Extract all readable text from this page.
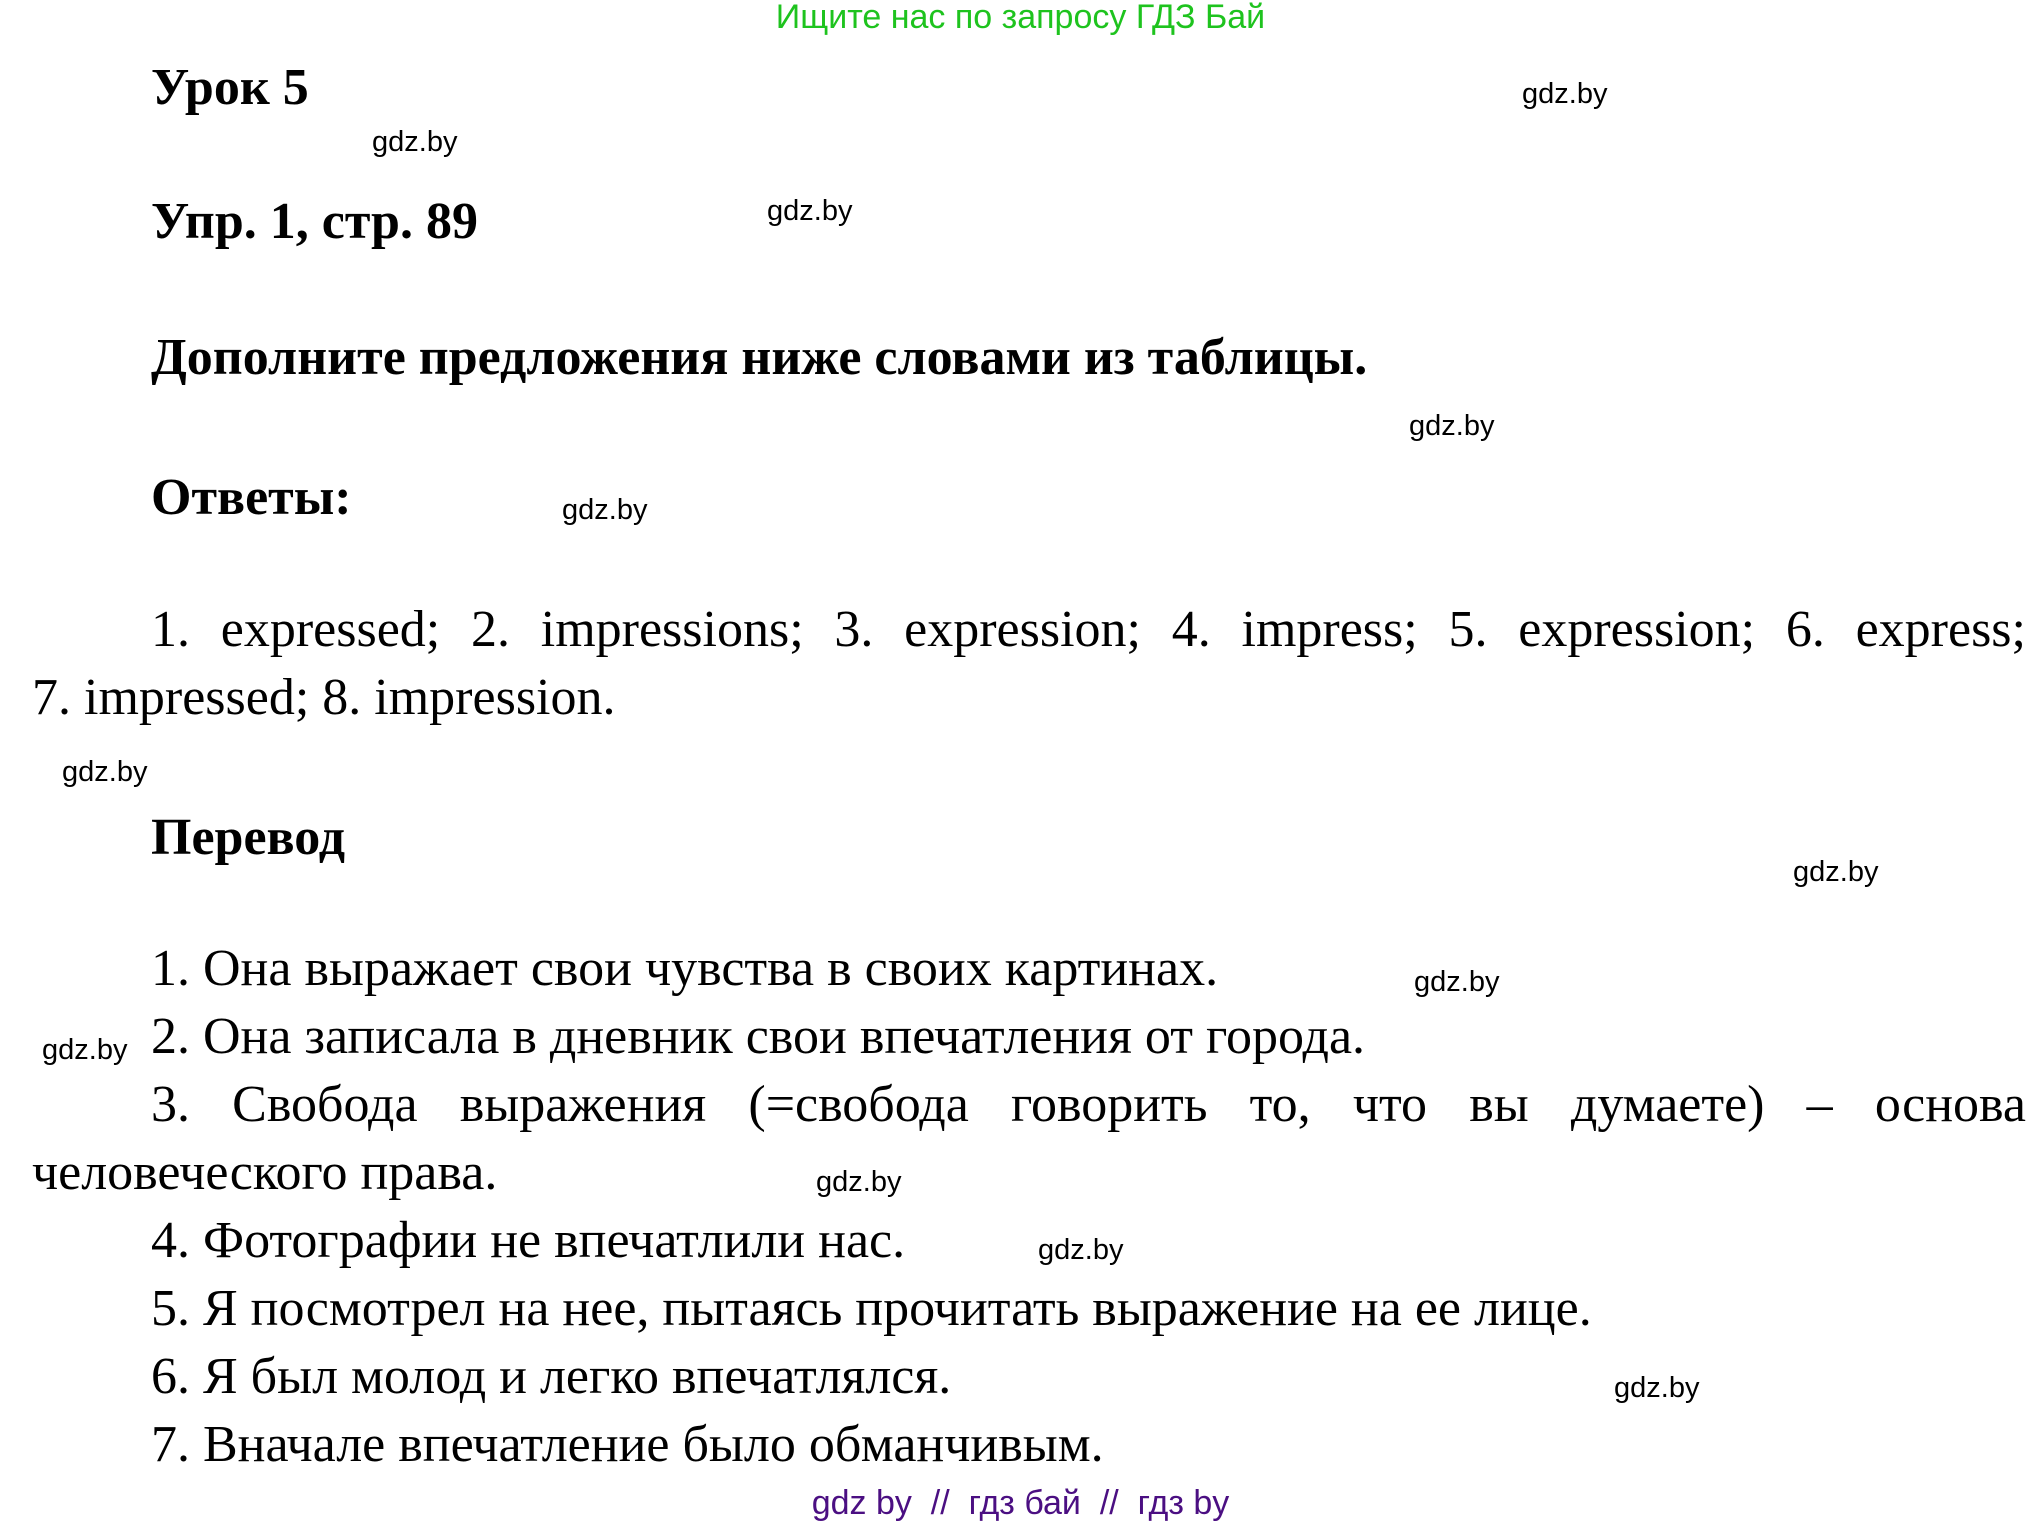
Ищите нас по запросу ГДЗ Бай
Урок 5	gdz.by
gdz.by
Упр. 1, стр. 89	gdz.by
Дополните предложения ниже словами из таблицы.
gdz.by
Ответы:	gdz.by
1. expressed; 2. impressions; 3. expression; 4. impress; 5. expression; 6. express;
7. impressed; 8. impression.
gdz.by
Перевод
gdz.by
1. Она выражает свои чувства в своих картинах.	gdz.by
gdz.by 2. Она записала в дневник свои впечатления от города.
3. Свобода выражения (=свобода говорить то, что вы думаете) – основа
человеческого права.	gdz.by
4. Фотографии не впечатлили нас.	gdz.by
5. Я посмотрел на нее, пытаясь прочитать выражение на ее лице.
6. Я был молод и легко впечатлялся.	gdz.by
7. Вначале впечатление было обманчивым.
gdz by  //  гдз бай  //  гдз by
